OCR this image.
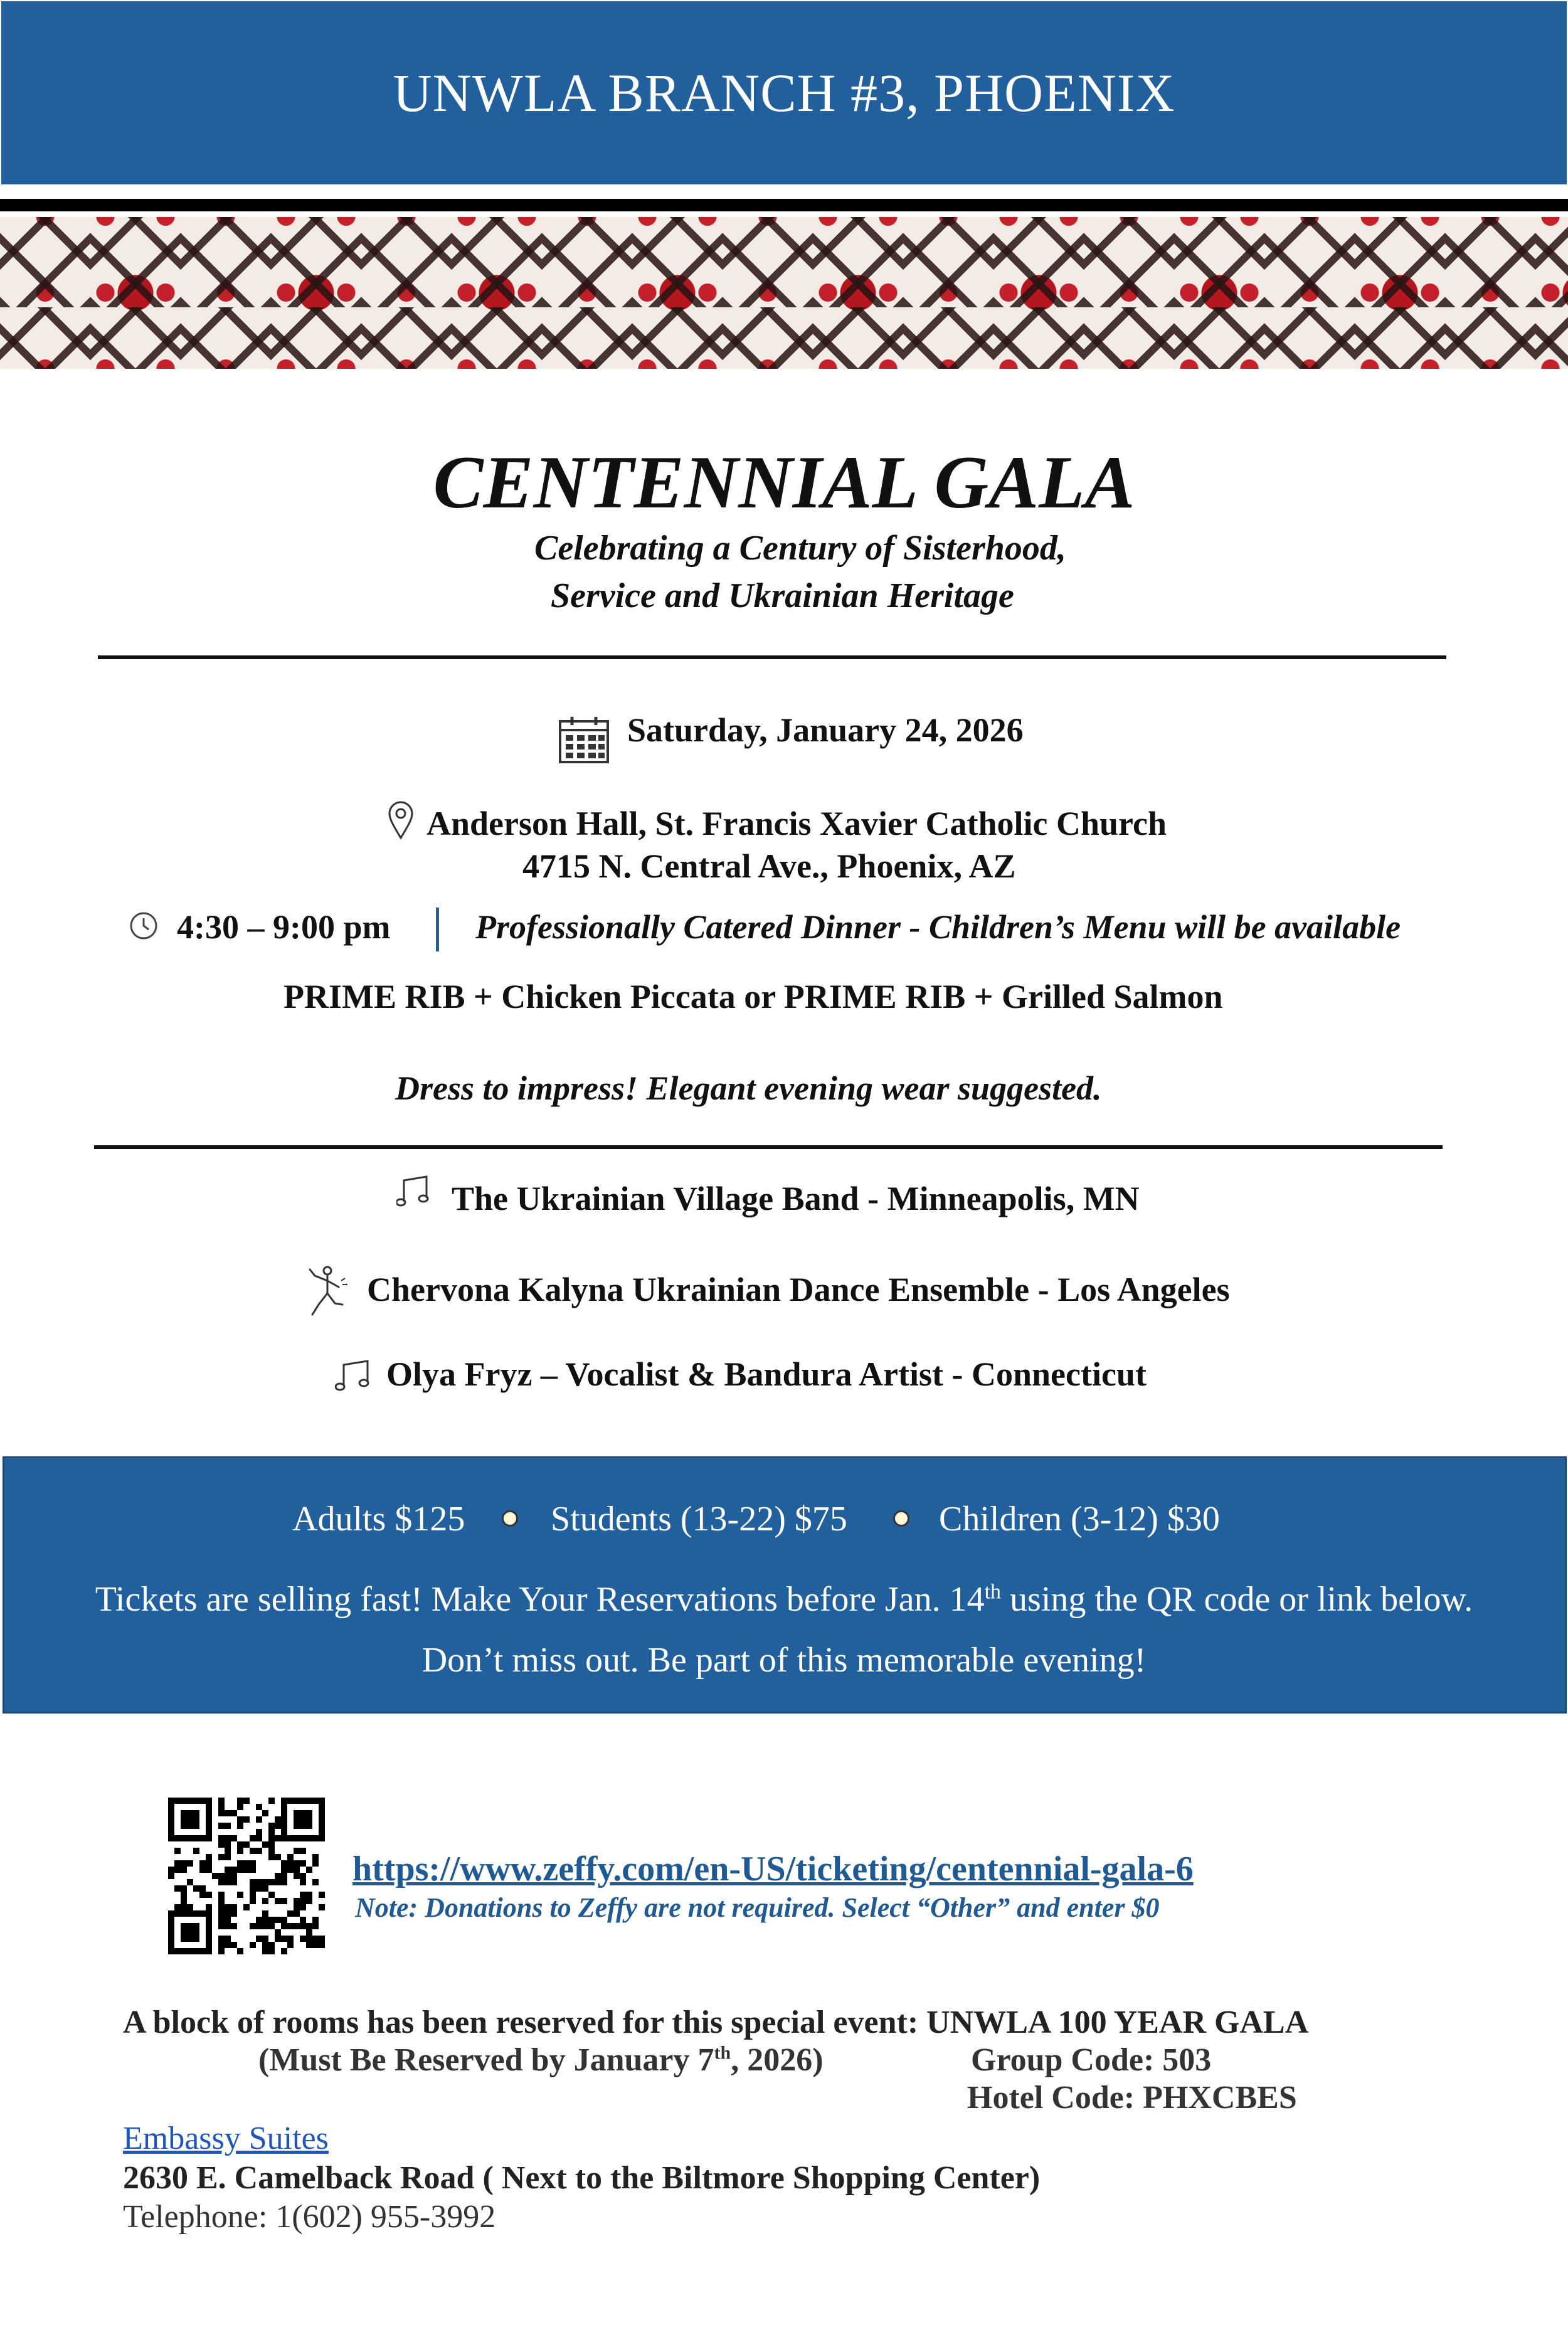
UNWLA BRANCH #3, PHOENIX
CENTENNIAL GALA
Celebrating a Century of Sisterhood,
Service and Ukrainian Heritage
Saturday, January 24, 2026
Anderson Hall, St. Francis Xavier Catholic Church
4715 N. Central Ave., Phoenix, AZ
4:30 – 9:00 pm	Professionally Catered Dinner - Children’s Menu will be available
PRIME RIB + Chicken Piccata or PRIME RIB + Grilled Salmon
Dress to impress! Elegant evening wear suggested.
The Ukrainian Village Band - Minneapolis, MN
Chervona Kalyna Ukrainian Dance Ensemble - Los Angeles
Olya Fryz – Vocalist & Bandura Artist - Connecticut
Adults $125 Students (13-22) $75	Children (3-12) $30
Tickets are selling fast! Make Your Reservations before Jan. 14th using the QR code or link below.
Don’t miss out. Be part of this memorable evening!
https://www.zeffy.com/en-US/ticketing/centennial-gala-6
Note: Donations to Zeffy are not required. Select “Other” and enter $0
A block of rooms has been reserved for this special event: UNWLA 100 YEAR GALA
(Must Be Reserved by January 7th, 2026)	Group Code: 503
Hotel Code: PHXCBES
Embassy Suites
2630 E. Camelback Road ( Next to the Biltmore Shopping Center)
Telephone: 1(602) 955-3992
